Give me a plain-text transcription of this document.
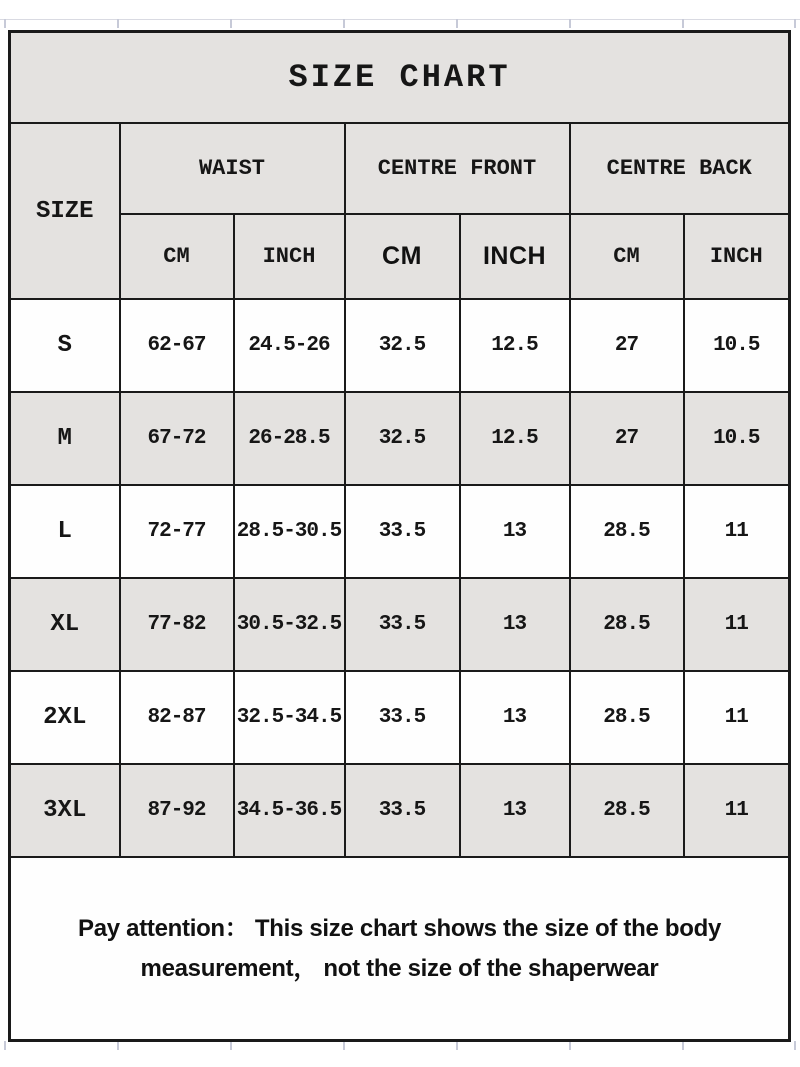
SIZE CHART						
SIZE	WAIST		CENTRE FRONT		CENTRE BACK	
	CM	INCH	CM	INCH	CM	INCH
S	62-67	24.5-26	32.5	12.5	27	10.5
M	67-72	26-28.5	32.5	12.5	27	10.5
L	72-77	28.5-30.5	33.5	13	28.5	11
XL	77-82	30.5-32.5	33.5	13	28.5	11
2XL	82-87	32.5-34.5	33.5	13	28.5	11
3XL	87-92	34.5-36.5	33.5	13	28.5	11

Pay attention： This size chart shows the size of the body
measurement， not the size of the shaperwear						
